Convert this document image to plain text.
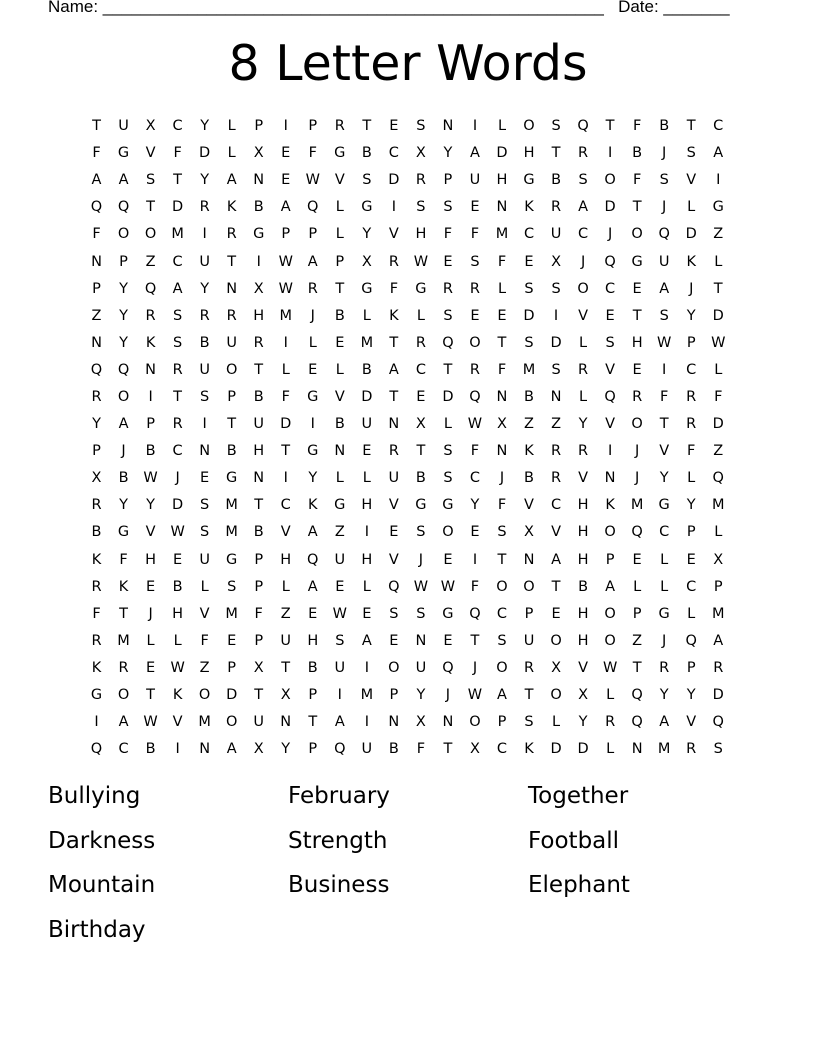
Name: _____________________________________________________ Date: _______
8 Letter Words
T	U	X	C	Y	L	P	I	P	R	T	E	S	N	I	L	O	S	Q	T	F	B	T	C
F	G	V	F	D	L	X	E	F	G	B	C	X	Y	A	D	H	T	R	I	B	J	S	A
A	A	S	T	Y	A	N	E	W	V	S	D	R	P	U	H	G	B	S	O	F	S	V	I
Q	Q	T	D	R	K	B	A	Q	L	G	I	S	S	E	N	K	R	A	D	T	J	L	G
F	O	O	M	I	R	G	P	P	L	Y	V	H	F	F	M	C	U	C	J	O	Q	D	Z
N	P	Z	C	U	T	I	W	A	P	X	R	W	E	S	F	E	X	J	Q	G	U	K	L
P	Y	Q	A	Y	N	X	W	R	T	G	F	G	R	R	L	S	S	O	C	E	A	J	T
Z	Y	R	S	R	R	H	M	J	B	L	K	L	S	E	E	D	I	V	E	T	S	Y	D
N	Y	K	S	B	U	R	I	L	E	M	T	R	Q	O	T	S	D	L	S	H W	P	W
Q	Q	N	R	U	O	T	L	E	L	B	A	C	T	R	F	M	S	R	V	E	I	C	L
R	O	I	T	S	P	B	F	G	V	D	T	E	D	Q	N	B	N	L	Q	R	F	R	F
Y	A	P	R	I	T	U	D	I	B	U	N	X	L	W	X	Z	Z	Y	V	O	T	R	D
P	J	B	C	N	B	H	T	G	N	E	R	T	S	F	N	K	R	R	I	J	V	F	Z
X	B	W	J	E	G	N	I	Y	L	L	U	B	S	C	J	B	R	V	N	J	Y	L	Q
R	Y	Y	D	S	M	T	C	K	G	H	V	G	G	Y	F	V	C	H	K	M	G	Y	M
B	G	V	W	S	M	B	V	A	Z	I	E	S	O	E	S	X	V	H	O	Q	C	P	L
K	F	H	E	U	G	P	H	Q	U	H	V	J	E	I	T	N	A	H	P	E	L	E	X
R	K	E	B	L	S	P	L	A	E	L	Q W W	F	O	O	T	B	A	L	L	C	P
F	T	J	H	V	M	F	Z	E	W	E	S	S	G	Q	C	P	E	H	O	P	G	L	M
R	M	L	L	F	E	P	U	H	S	A	E	N	E	T	S	U	O	H	O	Z	J	Q	A
K	R	E	W	Z	P	X	T	B	U	I	O	U	Q	J	O	R	X	V	W	T	R	P	R
G	O	T	K	O	D	T	X	P	I	M	P	Y	J	W	A	T	O	X	L	Q	Y	Y	D
I	A	W	V	M	O	U	N	T	A	I	N	X	N	O	P	S	L	Y	R	Q	A	V	Q
Q	C	B	I	N	A	X	Y	P	Q	U	B	F	T	X	C	K	D	D	L	N	M	R	S
Bullying	February	Together
Darkness	Strength	Football
Mountain	Business	Elephant
Birthday
